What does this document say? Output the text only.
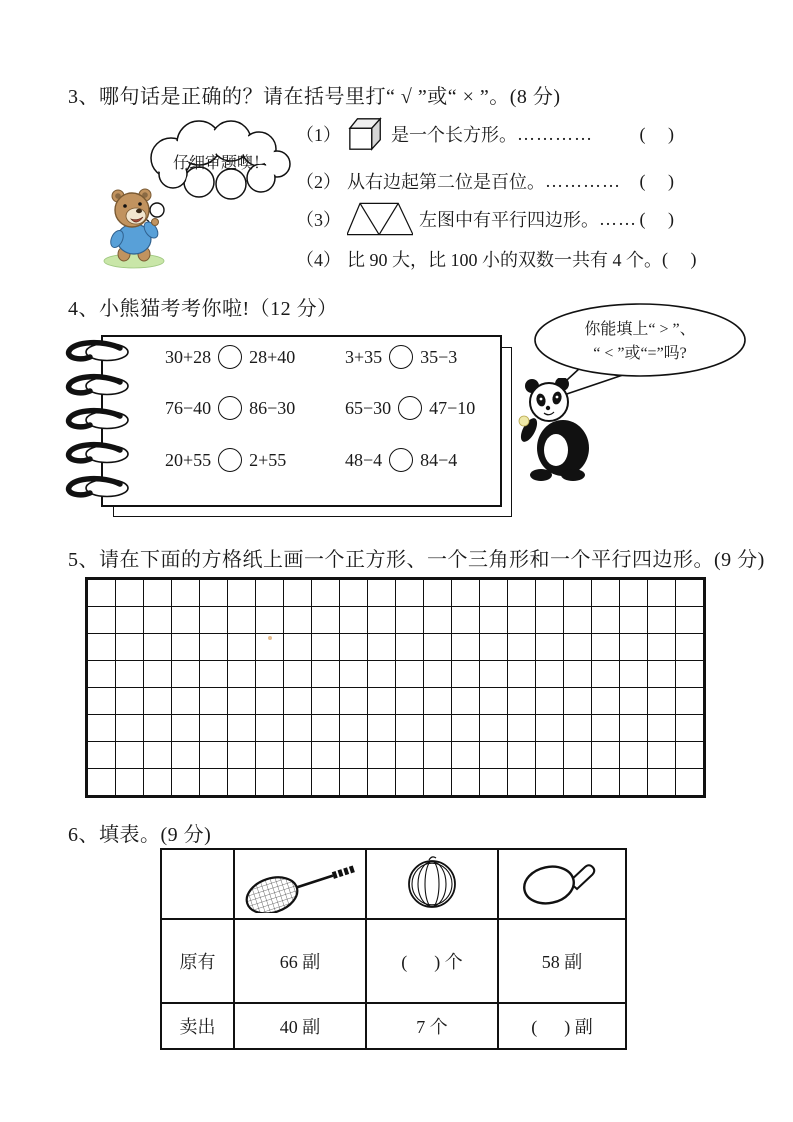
3、哪句话是正确的？请在括号里打“ √ ”或“ × ”。(8 分)
仔细审题噢！
（1）	是一个长方形。 …………	(     )
（2） 从右边起第二位是百位。 ………… (     )
（3）	左图中有平行四边形。 …… (     )
（4） 比 90 大，比 100 小的双数一共有 4 个。 (     )
4、小熊猫考考你啦!（12 分）
30+28 28+40	3+35 35−3
76−40 86−30	65−30 47−10
20+55 2+55	48−4 84−4
你能填上“ > ”、
“ < ”或“=”吗?
5、请在下面的方格纸上画一个正方形、一个三角形和一个平行四边形。(9 分)
6、填表。(9 分)

原有	66 副	(      ) 个	58 副
卖出	40 副	7 个	(      ) 副
